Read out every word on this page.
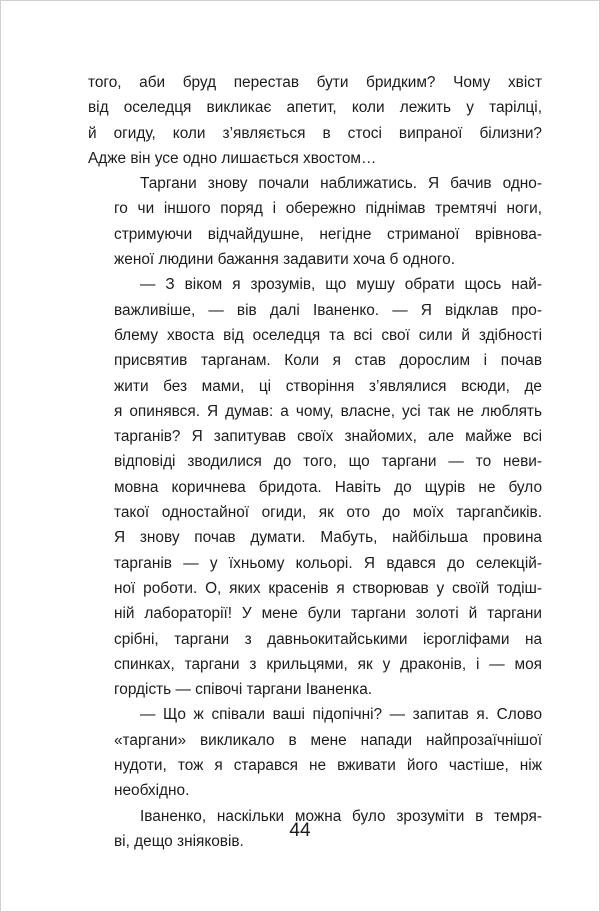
того, аби бруд перестав бути бридким? Чому хвіст
від оселедця викликає апетит, коли лежить у тарілці,
й огиду, коли з’являється в стосі випраної білизни?
Адже він усе одно лишається хвостом…
Таргани знову почали наближатись. Я бачив одно-
го чи іншого поряд і обережно піднімав тремтячі ноги,
стримуючи відчайдушне, негідне стриманої врівнова-
женої людини бажання задавити хоча б одного.
— З віком я зрозумів, що мушу обрати щось най-
важливіше, — вів далі Іваненко. — Я відклав про-
блему хвоста від оселедця та всі свої сили й здібності
присвятив тарганам. Коли я став дорослим і почав
жити без мами, ці створіння з’являлися всюди, де
я опинявся. Я думав: а чому, власне, усі так не люблять
тарганів? Я запитував своїх знайомих, але майже всі
відповіді зводилися до того, що таргани — то неви-
мовна коричнева бридота. Навіть до щурів не було
такої одностайної огиди, як ото до моїх таргančиків.
Я знову почав думати. Мабуть, найбільша провина
тарганів — у їхньому кольорі. Я вдався до селекцій-
ної роботи. О, яких красенів я створював у своїй тодіш-
ній лабораторії! У мене були таргани золоті й таргани
срібні, таргани з давньокитайськими ієрогліфами на
спинках, таргани з крильцями, як у драконів, і — моя
гордість — співочі таргани Іваненка.
— Що ж співали ваші підопічні? — запитав я. Слово
«таргани» викликало в мене напади найпрозаїчнішої
нудоти, тож я старався не вживати його частіше, ніж
необхідно.
Іваненко, наскільки можна було зрозуміти в темря-
ві, дещо зніяковів.
44
